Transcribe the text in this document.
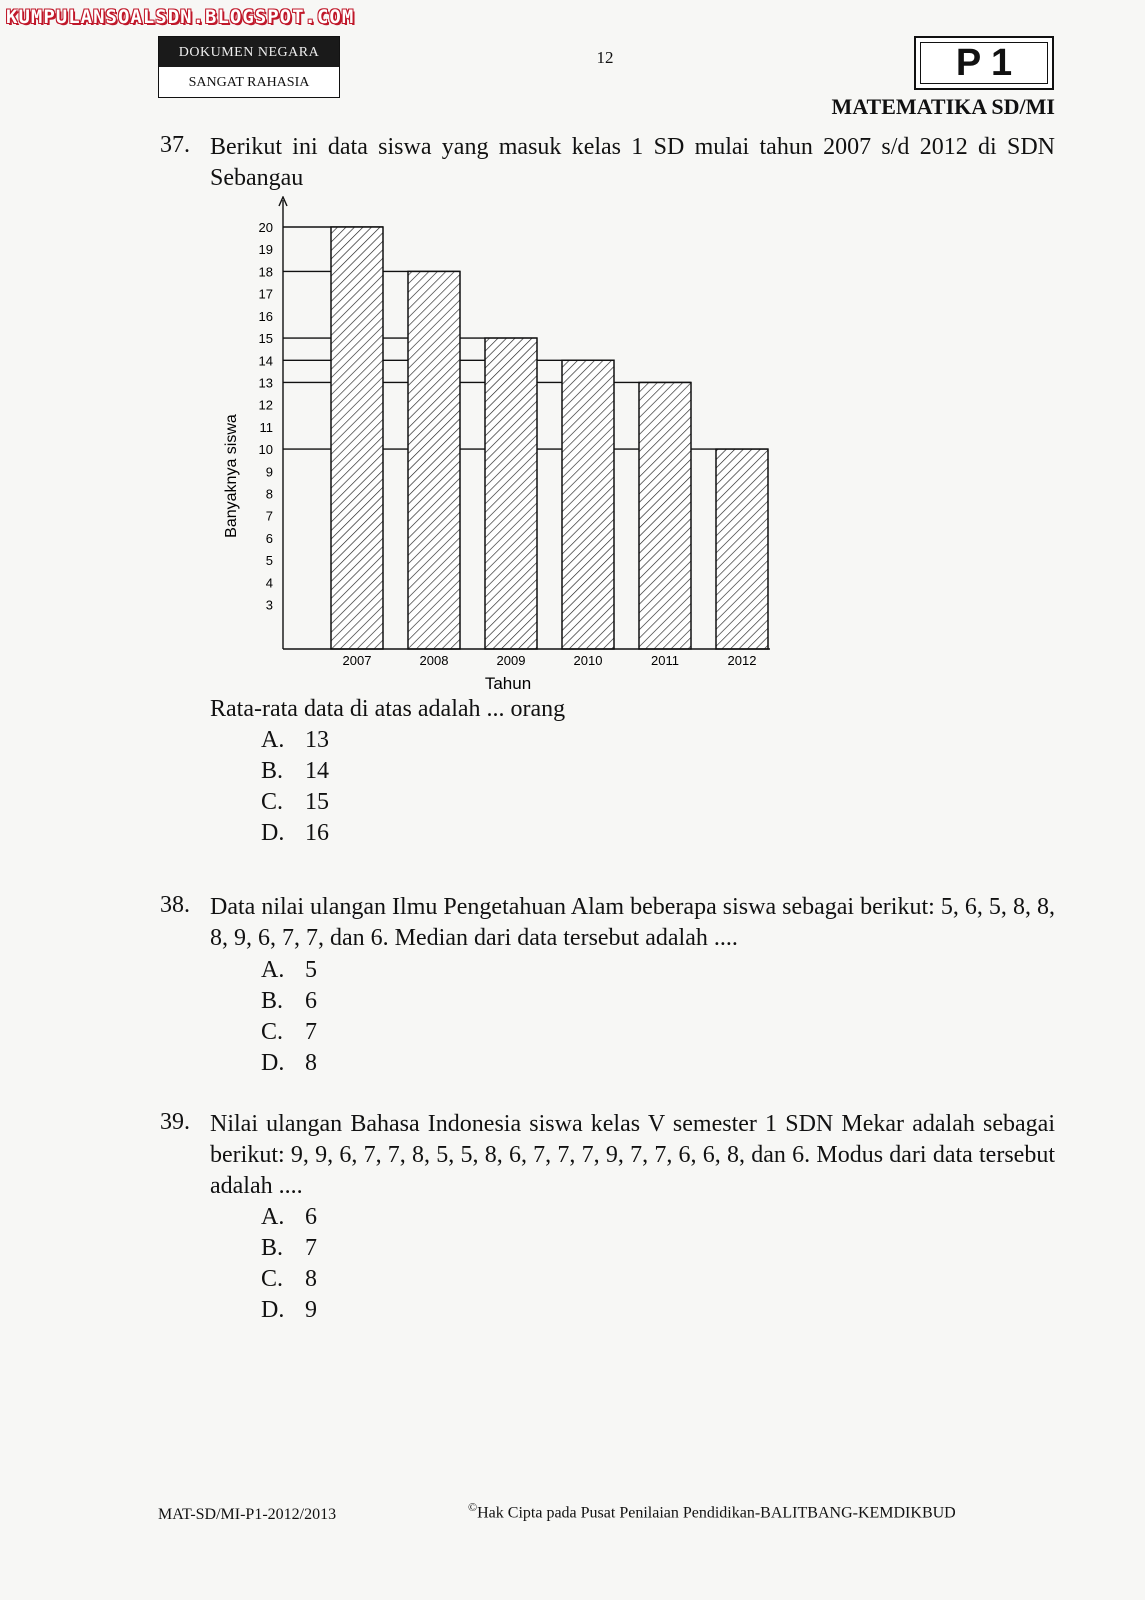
KUMPULANSOALSDN.BLOGSPOT.COM
DOKUMEN NEGARA
SANGAT RAHASIA
12	P 1
MATEMATIKA SD/MI
37. Berikut ini data siswa yang masuk kelas 1 SD mulai tahun 2007 s/d 2012 di SDN Sebangau
3
4
5
6
7
8
9
10
11
12
13
14
15
16
17
18
19
20
2007	2008	2009	2010	2011	2012
Banyaknya siswa
Tahun
Rata-rata data di atas adalah ... orang
A. 13
B. 14
C. 15
D. 16
38. Data nilai ulangan Ilmu Pengetahuan Alam beberapa siswa sebagai berikut: 5, 6, 5, 8, 8, 8, 9, 6, 7, 7, dan 6. Median dari data tersebut adalah ....
A. 5
B. 6
C. 7
D. 8
39. Nilai ulangan Bahasa Indonesia siswa kelas V semester 1 SDN Mekar adalah sebagai berikut: 9, 9, 6, 7, 7, 8, 5, 5, 8, 6, 7, 7, 7, 9, 7, 7, 6, 6, 8, dan 6. Modus dari data tersebut adalah ....
A. 6
B. 7
C. 8
D. 9
MAT-SD/MI-P1-2012/2013	©Hak Cipta pada Pusat Penilaian Pendidikan-BALITBANG-KEMDIKBUD
